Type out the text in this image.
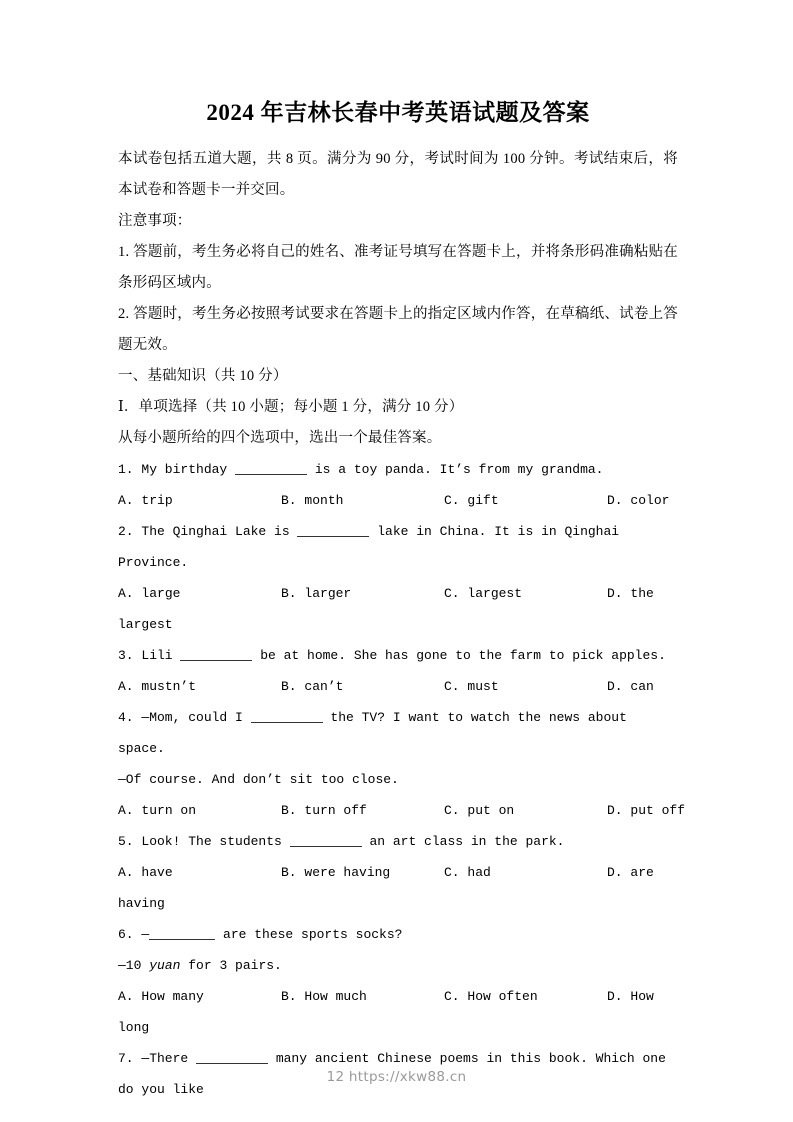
2024 年吉林长春中考英语试题及答案

本试卷包括五道大题，共 8 页。满分为 90 分，考试时间为 100 分钟。考试结束后，将本试卷和答题卡一并交回。

注意事项：

1. 答题前，考生务必将自己的姓名、准考证号填写在答题卡上，并将条形码准确粘贴在条形码区域内。

2. 答题时，考生务必按照考试要求在答题卡上的指定区域内作答，在草稿纸、试卷上答题无效。

一、基础知识（共 10 分）

Ⅰ．单项选择（共 10 小题；每小题 1 分，满分 10 分）

从每小题所给的四个选项中，选出一个最佳答案。

1. My birthday	is a toy panda. It’s from my grandma.

A. trip	B. month	C. gift	D. color

2. The Qinghai Lake is	lake in China. It is in Qinghai Province.

A. large	B. larger	C. largest	D. the

largest

3. Lili	be at home. She has gone to the farm to pick apples.

A. mustn’t	B. can’t	C. must	D. can

4. —Mom, could I	the TV? I want to watch the news about space.

—Of course. And don’t sit too close.

A. turn on	B. turn off	C. put on	D. put off

5. Look! The students	an art class in the park.

A. have	B. were having	C. had	D. are

having

6. —	are these sports socks?

—10 yuan for 3 pairs.

A. How many	B. How much	C. How often	D. How

long

7. —There	many ancient Chinese poems in this book. Which one do you like

12 https://xkw88.cn
